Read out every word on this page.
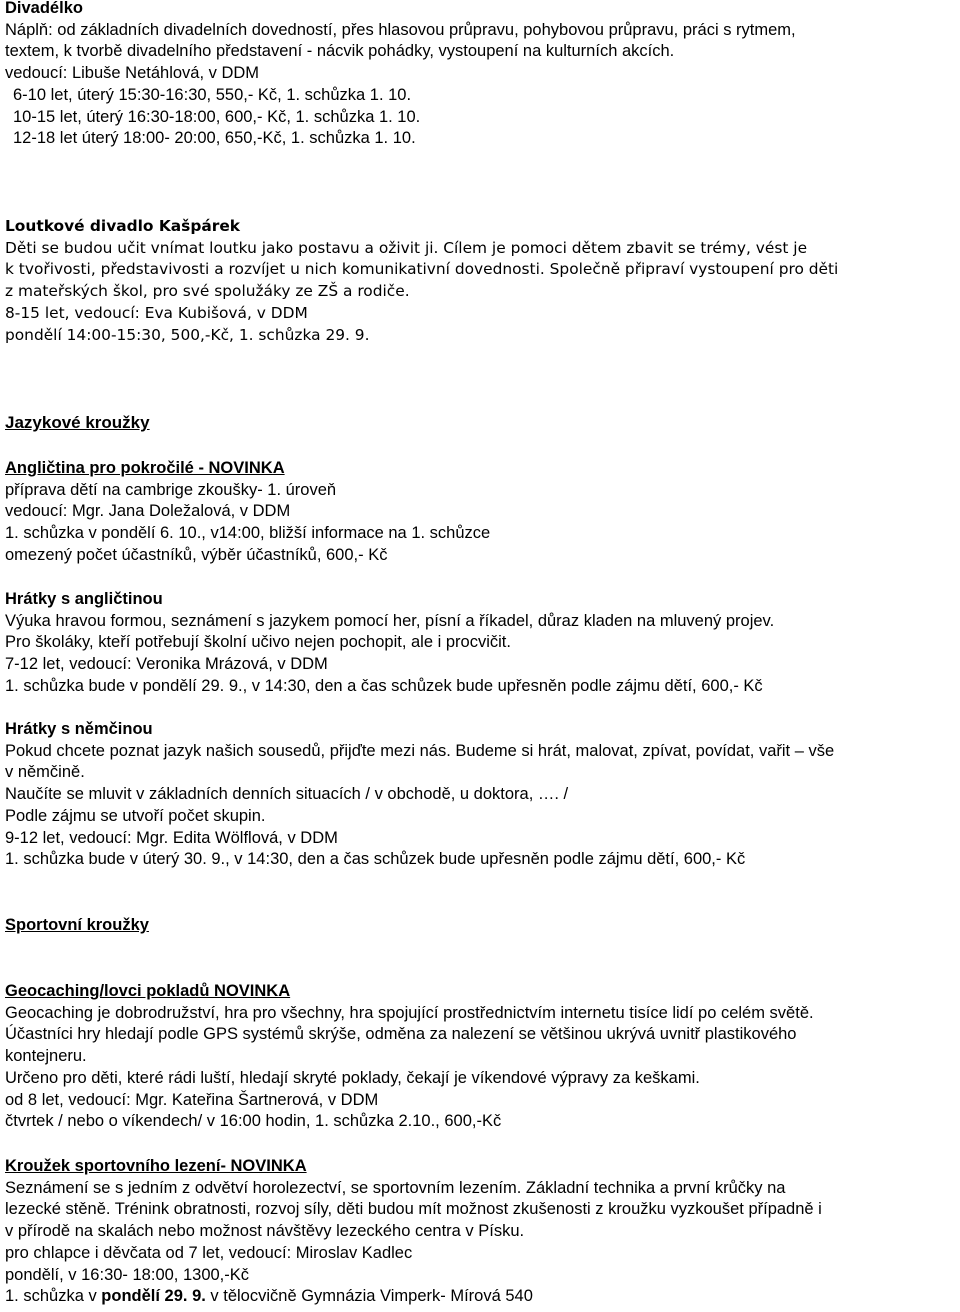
Divadélko
Náplň: od základních divadelních dovedností, přes hlasovou průpravu, pohybovou průpravu, práci s rytmem,
textem, k tvorbě divadelního představení - nácvik pohádky, vystoupení na kulturních akcích.
vedoucí: Libuše Netáhlová, v DDM
6-10 let, úterý 15:30-16:30, 550,- Kč, 1. schůzka 1. 10.
10-15 let, úterý 16:30-18:00, 600,- Kč, 1. schůzka 1. 10.
12-18 let úterý 18:00- 20:00, 650,-Kč, 1. schůzka 1. 10.
Loutkové divadlo Kašpárek
Děti se budou učit vnímat loutku jako postavu a oživit ji. Cílem je pomoci dětem zbavit se trémy, vést je
k tvořivosti, představivosti a rozvíjet u nich komunikativní dovednosti. Společně připraví vystoupení pro děti
z mateřských škol, pro své spolužáky ze ZŠ a rodiče.
8-15 let, vedoucí: Eva Kubišová, v DDM
pondělí 14:00-15:30, 500,-Kč, 1. schůzka 29. 9.
Jazykové kroužky
Angličtina pro pokročilé - NOVINKA
příprava dětí na cambrige zkoušky- 1. úroveň
vedoucí: Mgr. Jana Doležalová, v DDM
1. schůzka v pondělí 6. 10., v14:00, bližší informace na 1. schůzce
omezený počet účastníků, výběr účastníků, 600,- Kč
Hrátky s angličtinou
Výuka hravou formou, seznámení s jazykem pomocí her, písní a říkadel, důraz kladen na mluvený projev.
Pro školáky, kteří potřebují školní učivo nejen pochopit, ale i procvičit.
7-12 let, vedoucí: Veronika Mrázová, v DDM
1. schůzka bude v pondělí 29. 9., v 14:30, den a čas schůzek bude upřesněn podle zájmu dětí, 600,- Kč
Hrátky s němčinou
Pokud chcete poznat jazyk našich sousedů, přijďte mezi nás. Budeme si hrát, malovat, zpívat, povídat, vařit – vše
v němčině.
Naučíte se mluvit v základních denních situacích / v obchodě, u doktora, …. /
Podle zájmu se utvoří počet skupin.
9-12 let, vedoucí: Mgr. Edita Wölflová, v DDM
1. schůzka bude v úterý 30. 9., v 14:30, den a čas schůzek bude upřesněn podle zájmu dětí, 600,- Kč
Sportovní kroužky
Geocaching/lovci pokladů NOVINKA
Geocaching je dobrodružství, hra pro všechny, hra spojující prostřednictvím internetu tisíce lidí po celém světě.
Účastníci hry hledají podle GPS systémů skrýše, odměna za nalezení se většinou ukrývá uvnitř plastikového
kontejneru.
Určeno pro děti, které rádi luští, hledají skryté poklady, čekají je víkendové výpravy za keškami.
od 8 let, vedoucí: Mgr. Kateřina Šartnerová, v DDM
čtvrtek / nebo o víkendech/ v 16:00 hodin, 1. schůzka 2.10., 600,-Kč
Kroužek sportovního lezení- NOVINKA
Seznámení se s jedním z odvětví horolezectví, se sportovním lezením. Základní technika a první krůčky na
lezecké stěně. Trénink obratnosti, rozvoj síly, děti budou mít možnost zkušenosti z kroužku vyzkoušet případně i
v přírodě na skalách nebo možnost návštěvy lezeckého centra v Písku.
pro chlapce i děvčata od 7 let, vedoucí: Miroslav Kadlec
pondělí, v 16:30- 18:00, 1300,-Kč
1. schůzka v pondělí 29. 9. v tělocvičně Gymnázia Vimperk- Mírová 540
